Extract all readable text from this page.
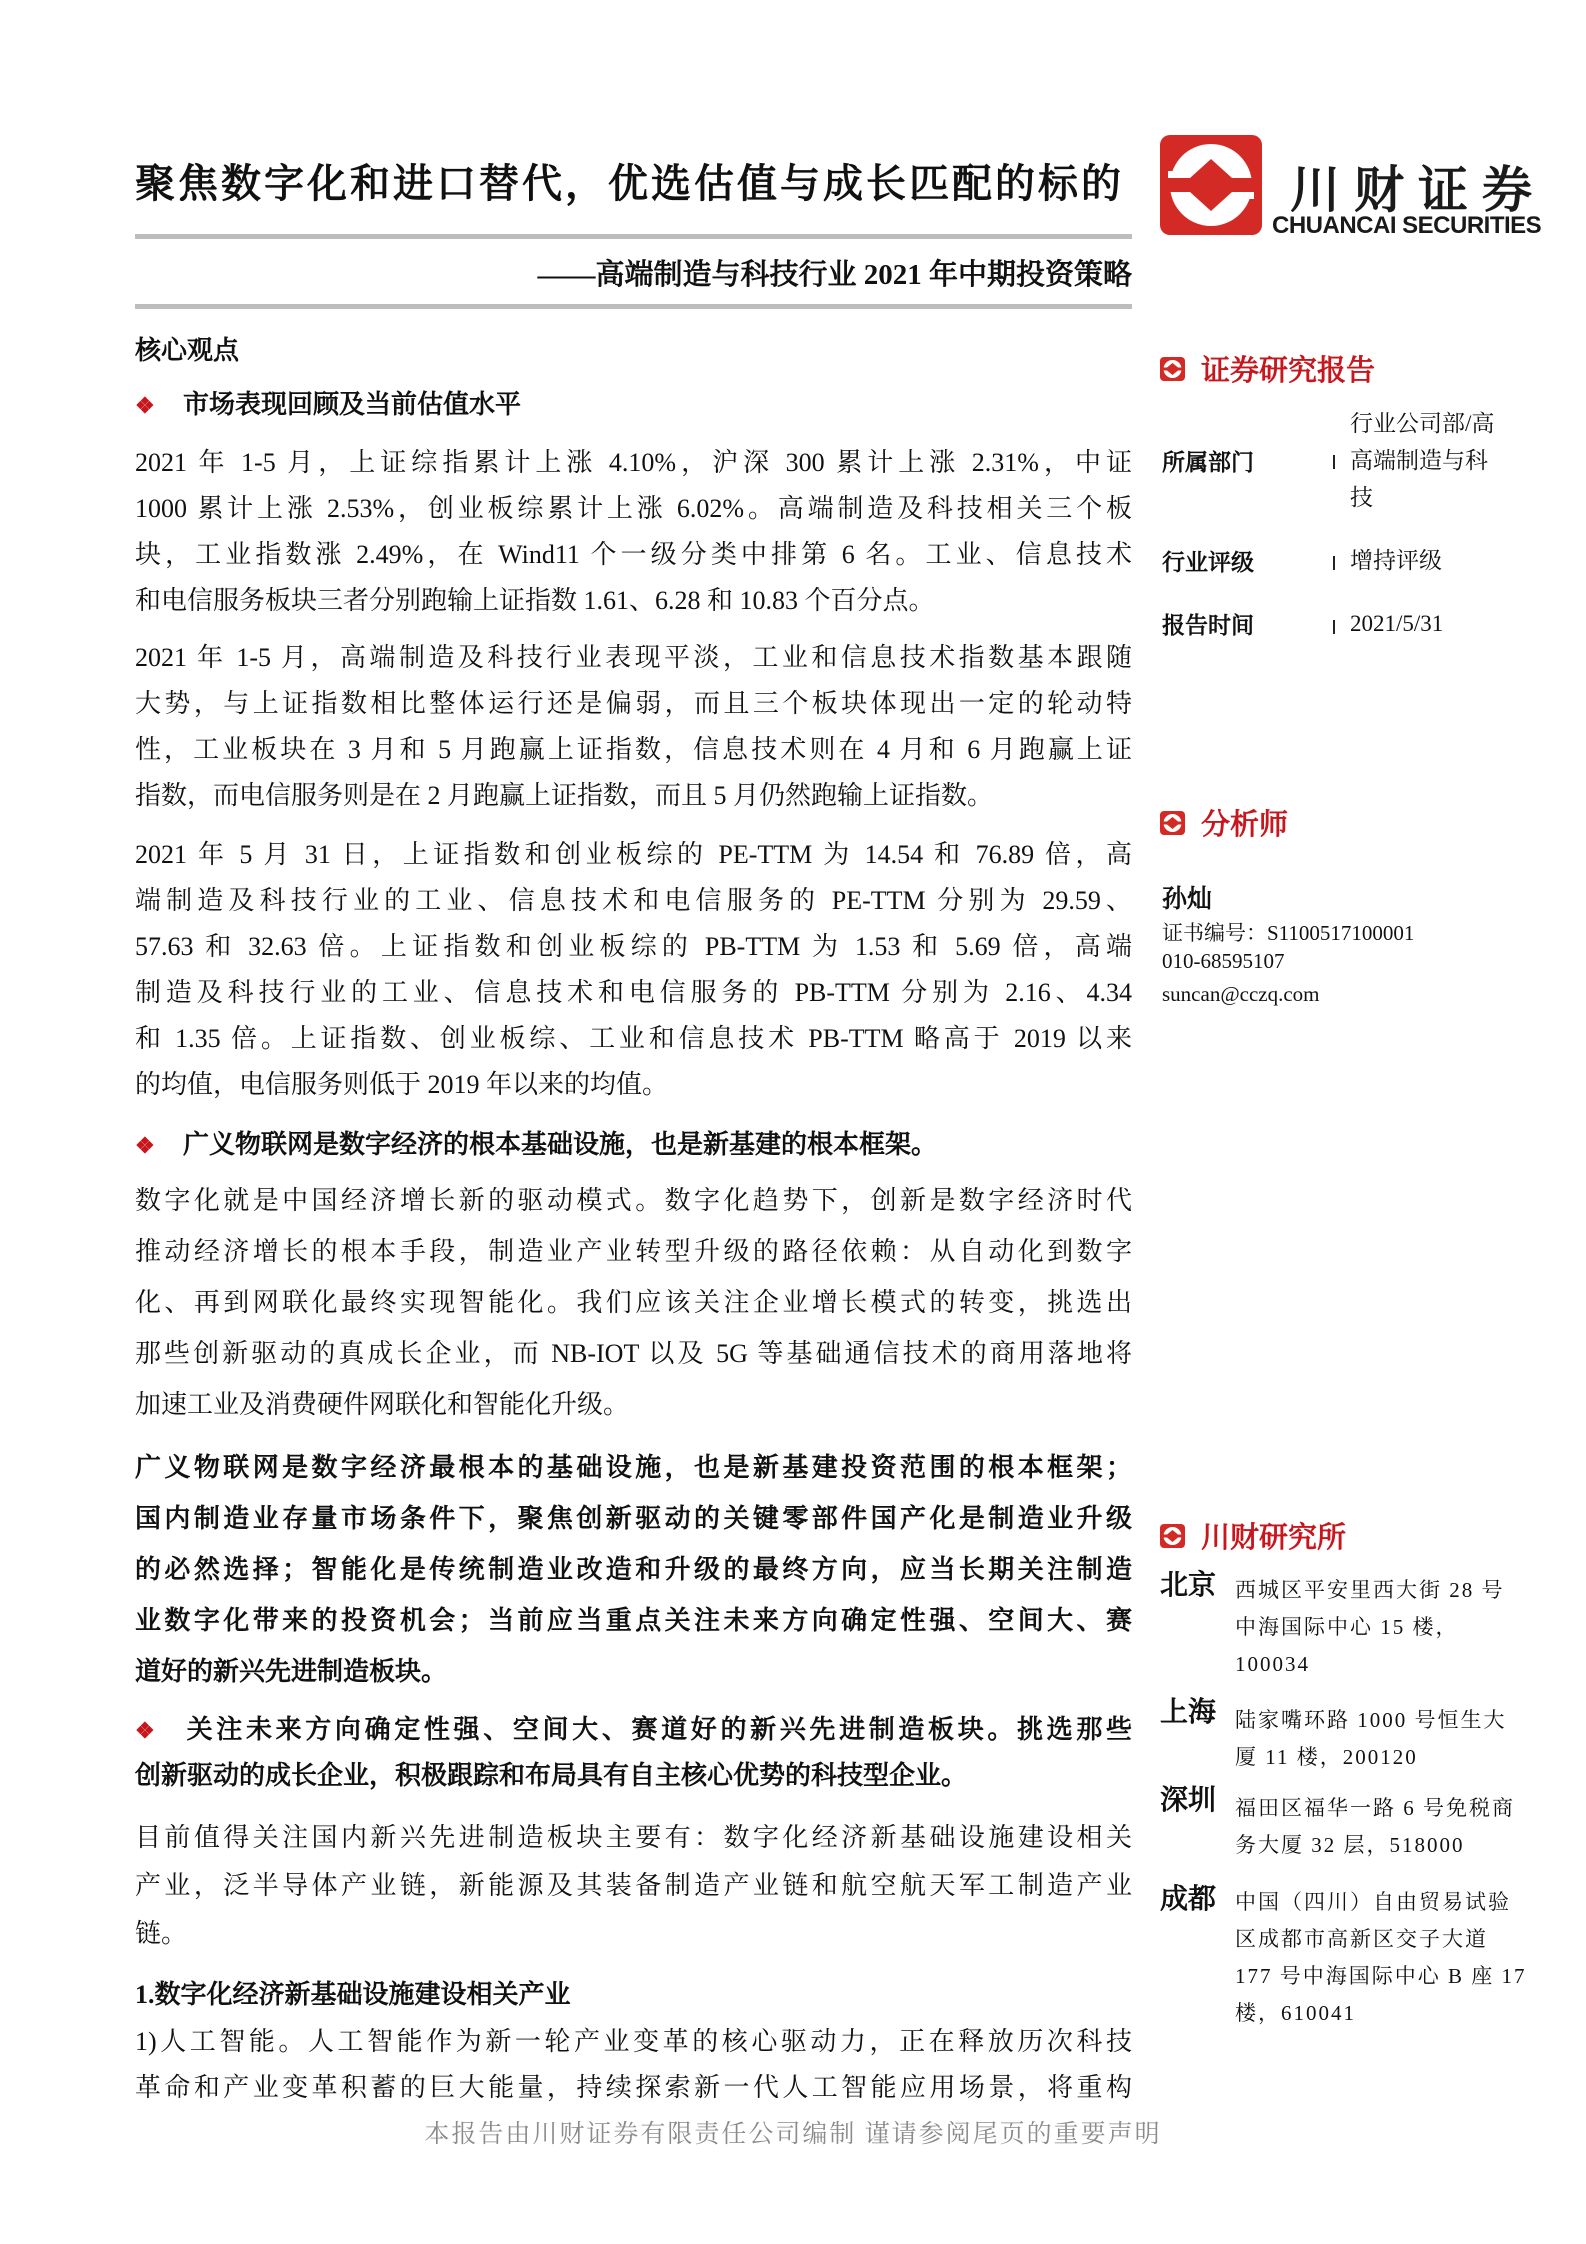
聚焦数字化和进口替代，优选估值与成长匹配的标的
——高端制造与科技行业 2021 年中期投资策略
川财证券
CHUANCAI SECURITIES
核心观点
❖ 市场表现回顾及当前估值水平
2021 年 1-5 月，上证综指累计上涨 4.10%，沪深 300 累计上涨 2.31%，中证
1000 累计上涨 2.53%，创业板综累计上涨 6.02%。高端制造及科技相关三个板
块，工业指数涨 2.49%，在 Wind11 个一级分类中排第 6 名。工业、信息技术
和电信服务板块三者分别跑输上证指数 1.61、6.28 和 10.83 个百分点。
2021 年 1-5 月，高端制造及科技行业表现平淡，工业和信息技术指数基本跟随
大势，与上证指数相比整体运行还是偏弱，而且三个板块体现出一定的轮动特
性，工业板块在 3 月和 5 月跑赢上证指数，信息技术则在 4 月和 6 月跑赢上证
指数，而电信服务则是在 2 月跑赢上证指数，而且 5 月仍然跑输上证指数。
2021 年 5 月 31 日，上证指数和创业板综的 PE-TTM 为 14.54 和 76.89 倍，高
端制造及科技行业的工业、信息技术和电信服务的 PE-TTM 分别为 29.59、
57.63 和 32.63 倍。上证指数和创业板综的 PB-TTM 为 1.53 和 5.69 倍，高端
制造及科技行业的工业、信息技术和电信服务的 PB-TTM 分别为 2.16、4.34
和 1.35 倍。上证指数、创业板综、工业和信息技术 PB-TTM 略高于 2019 以来
的均值，电信服务则低于 2019 年以来的均值。
❖ 广义物联网是数字经济的根本基础设施，也是新基建的根本框架。
数字化就是中国经济增长新的驱动模式。数字化趋势下，创新是数字经济时代
推动经济增长的根本手段，制造业产业转型升级的路径依赖：从自动化到数字
化、再到网联化最终实现智能化。我们应该关注企业增长模式的转变，挑选出
那些创新驱动的真成长企业，而 NB-IOT 以及 5G 等基础通信技术的商用落地将
加速工业及消费硬件网联化和智能化升级。
广义物联网是数字经济最根本的基础设施，也是新基建投资范围的根本框架；
国内制造业存量市场条件下，聚焦创新驱动的关键零部件国产化是制造业升级
的必然选择；智能化是传统制造业改造和升级的最终方向，应当长期关注制造
业数字化带来的投资机会；当前应当重点关注未来方向确定性强、空间大、赛
道好的新兴先进制造板块。
❖ 关注未来方向确定性强、空间大、赛道好的新兴先进制造板块。挑选那些
创新驱动的成长企业，积极跟踪和布局具有自主核心优势的科技型企业。
目前值得关注国内新兴先进制造板块主要有：数字化经济新基础设施建设相关
产业，泛半导体产业链，新能源及其装备制造产业链和航空航天军工制造产业
链。
1.数字化经济新基础设施建设相关产业
1)人工智能。人工智能作为新一轮产业变革的核心驱动力，正在释放历次科技
革命和产业变革积蓄的巨大能量，持续探索新一代人工智能应用场景，将重构
本报告由川财证券有限责任公司编制 谨请参阅尾页的重要声明
证券研究报告
所属部门
行业公司部/高
高端制造与科
技
行业评级	增持评级
报告时间	2021/5/31
分析师
孙灿
证书编号：S1100517100001
010-68595107
suncan@cczq.com
川财研究所
北京 西城区平安里西大街 28 号
中海国际中心 15 楼，
100034
上海 陆家嘴环路 1000 号恒生大
厦 11 楼，200120
深圳 福田区福华一路 6 号免税商
务大厦 32 层，518000
成都 中国（四川）自由贸易试验
区成都市高新区交子大道
177 号中海国际中心 B 座 17
楼，610041
